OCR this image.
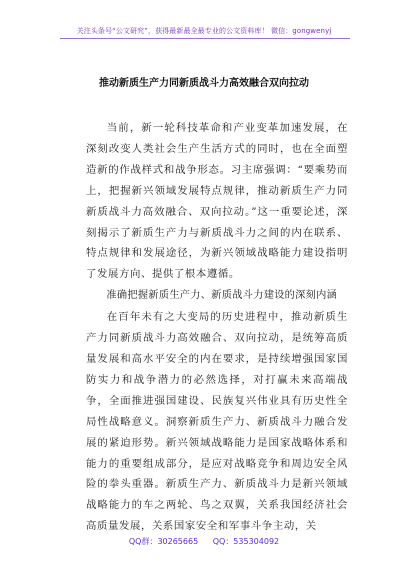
关注头条号“公文研究”，获得最新最全最专业的公文资料库！ 微信：gongwenyj
推动新质生产力同新质战斗力高效融合双向拉动

当前，新一轮科技革命和产业变革加速发展，在深刻改变人类社会生产生活方式的同时，也在全面塑造新的作战样式和战争形态。习主席强调：“要乘势而上，把握新兴领域发展特点规律，推动新质生产力同新质战斗力高效融合、双向拉动。”这一重要论述，深刻揭示了新质生产力与新质战斗力之间的内在联系、特点规律和发展途径，为新兴领域战略能力建设指明了发展方向、提供了根本遵循。

准确把握新质生产力、新质战斗力建设的深刻内涵

在百年未有之大变局的历史进程中，推动新质生产力同新质战斗力高效融合、双向拉动，是统筹高质量发展和高水平安全的内在要求，是持续增强国家国防实力和战争潜力的必然选择，对打赢未来高端战争，全面推进强国建设、民族复兴伟业具有历史性全局性战略意义。洞察新质生产力、新质战斗力融合发展的紧迫形势。新兴领域战略能力是国家战略体系和能力的重要组成部分，是应对战略竞争和周边安全风险的拳头重器。新质生产力、新质战斗力是新兴领域战略能力的车之两轮、鸟之双翼，关系我国经济社会高质量发展，关系国家安全和军事斗争主动，关

QQ群：30265665 QQ：535304092
